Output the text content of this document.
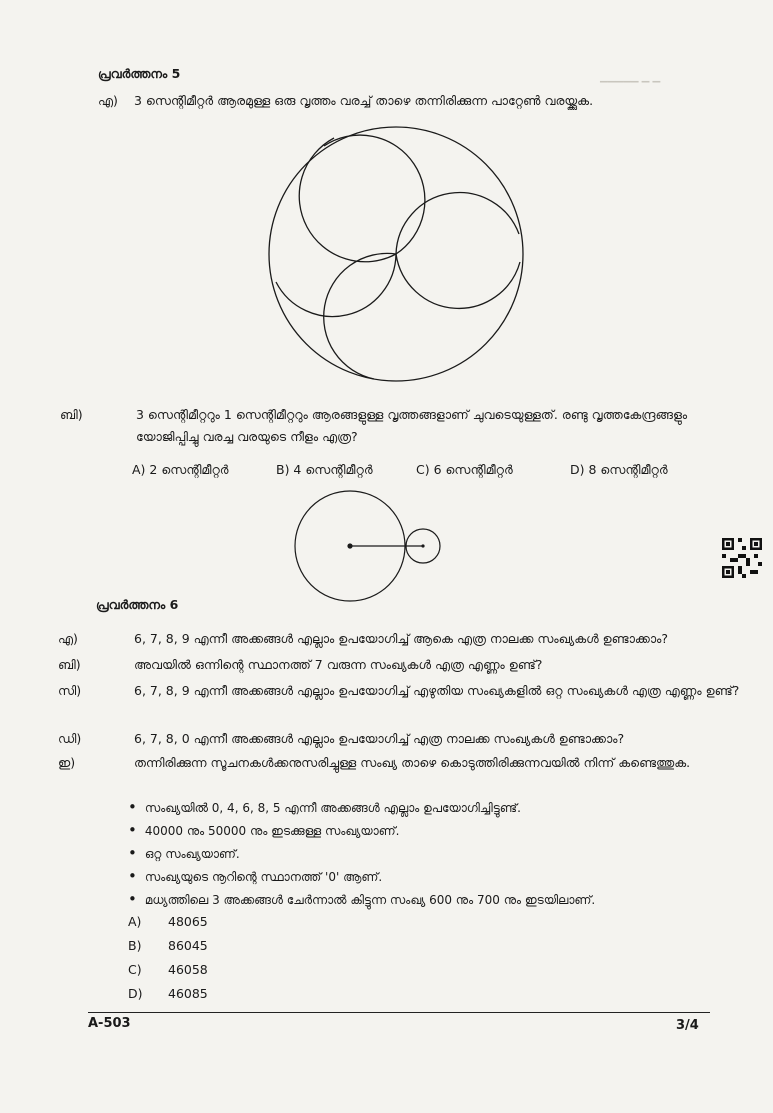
▁▁▁▁▁ ▁ ▁
പ്രവർത്തനം 5
എ) 3 സെന്റിമീറ്റർ ആരമുള്ള ഒരു വൃത്തം വരച്ച് താഴെ തന്നിരിക്കുന്ന പാറ്റേൺ വരയ്ക്കുക.
ബി)	3 സെന്റിമീറ്ററും 1 സെന്റിമീറ്ററും ആരങ്ങളുള്ള വൃത്തങ്ങളാണ് ചുവടെയുള്ളത്. രണ്ടു വൃത്തകേന്ദ്രങ്ങളും യോജിപ്പിച്ചു വരച്ച വരയുടെ നീളം എത്ര?
A) 2 സെന്റിമീറ്റർ	B) 4 സെന്റിമീറ്റർ	C) 6 സെന്റിമീറ്റർ	D) 8 സെന്റിമീറ്റർ
പ്രവർത്തനം 6
എ)	6, 7, 8, 9 എന്നീ അക്കങ്ങൾ എല്ലാം ഉപയോഗിച്ച് ആകെ എത്ര നാലക്ക സംഖ്യകൾ ഉണ്ടാക്കാം?
ബി)	അവയിൽ ഒന്നിന്റെ സ്ഥാനത്ത് 7 വരുന്ന സംഖ്യകൾ എത്ര എണ്ണം ഉണ്ട്?
സി)	6, 7, 8, 9 എന്നീ അക്കങ്ങൾ എല്ലാം ഉപയോഗിച്ച് എഴുതിയ സംഖ്യകളിൽ ഒറ്റ സംഖ്യകൾ എത്ര എണ്ണം ഉണ്ട്?
ഡി)	6, 7, 8, 0 എന്നീ അക്കങ്ങൾ എല്ലാം ഉപയോഗിച്ച് എത്ര നാലക്ക സംഖ്യകൾ ഉണ്ടാക്കാം?
ഇ)	തന്നിരിക്കുന്ന സൂചനകൾക്കനുസരിച്ചുള്ള സംഖ്യ താഴെ കൊടുത്തിരിക്കുന്നവയിൽ നിന്ന് കണ്ടെത്തുക.
• സംഖ്യയിൽ 0, 4, 6, 8, 5 എന്നീ അക്കങ്ങൾ എല്ലാം ഉപയോഗിച്ചിട്ടുണ്ട്.
• 40000 നും 50000 നും ഇടക്കുള്ള സംഖ്യയാണ്.
• ഒറ്റ സംഖ്യയാണ്.
• സംഖ്യയുടെ നൂറിന്റെ സ്ഥാനത്ത് '0' ആണ്.
• മധ്യത്തിലെ 3 അക്കങ്ങൾ ചേർന്നാൽ കിട്ടുന്ന സംഖ്യ 600 നും 700 നും ഇടയിലാണ്.
A) 48065
B) 86045
C) 46058
D) 46085
A-503	3/4
